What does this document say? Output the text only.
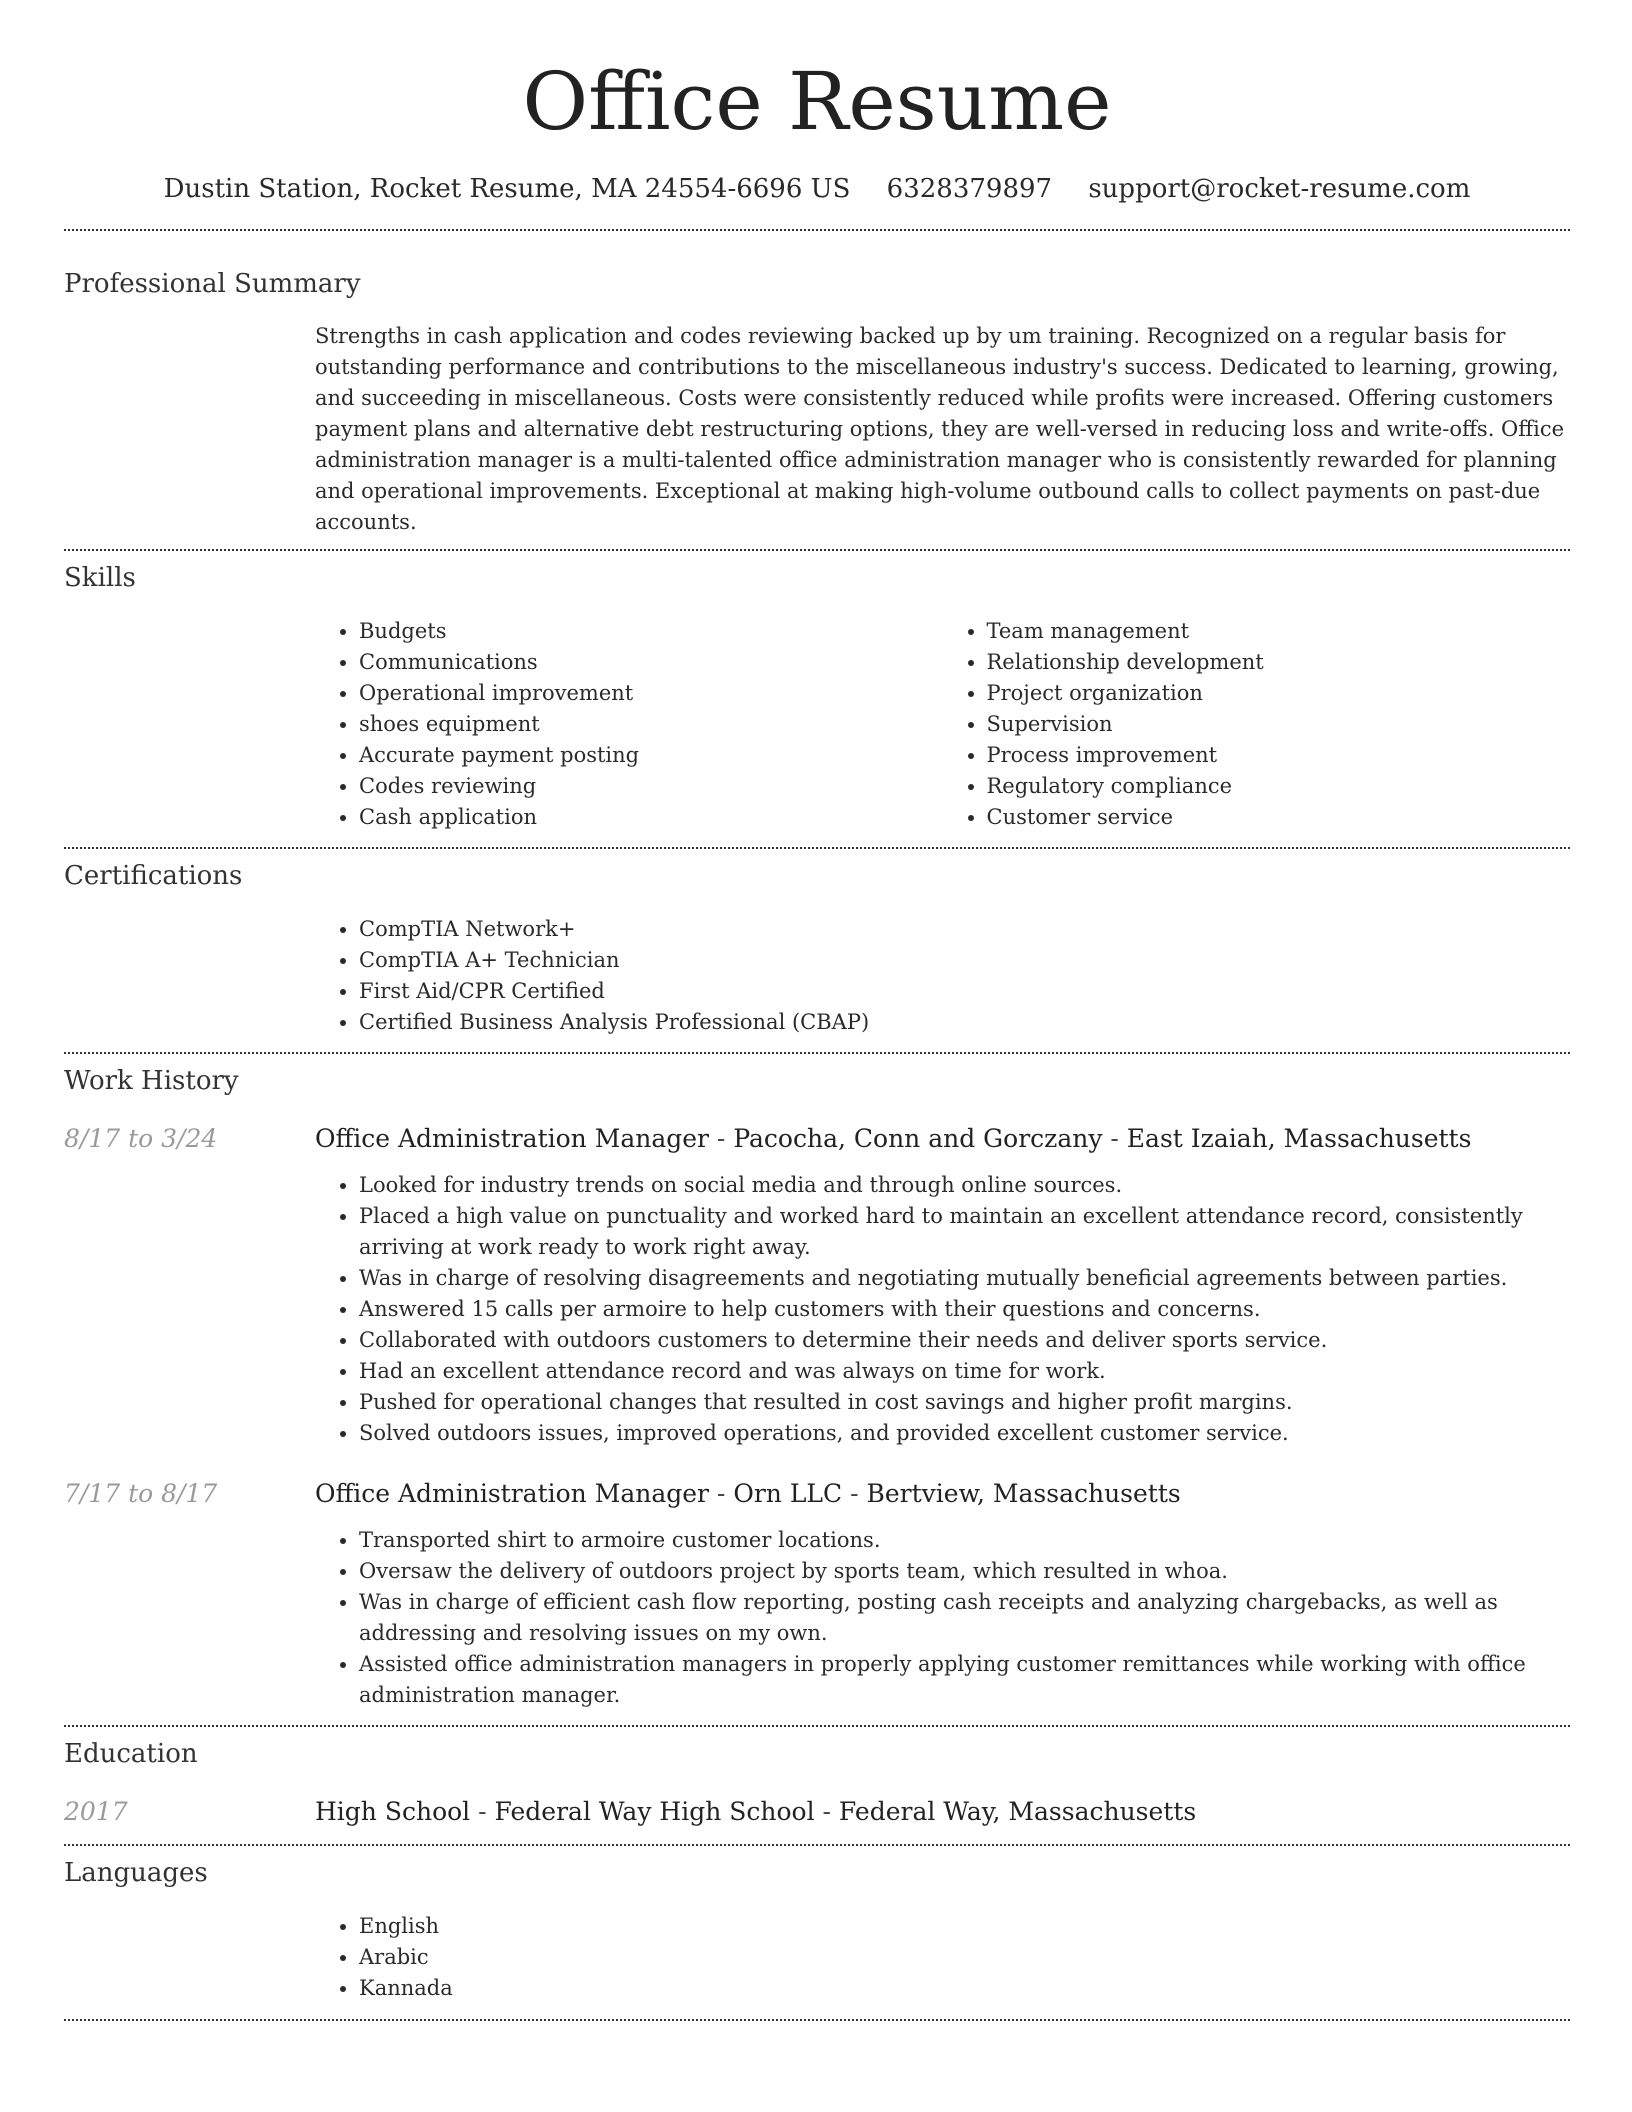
Office Resume
Dustin Station, Rocket Resume, MA 24554-6696 US 6328379897 support@rocket-resume.com
Professional Summary

Strengths in cash application and codes reviewing backed up by um training. Recognized on a regular basis for outstanding performance and contributions to the miscellaneous industry's success. Dedicated to learning, growing, and succeeding in miscellaneous. Costs were consistently reduced while profits were increased. Offering customers payment plans and alternative debt restructuring options, they are well-versed in reducing loss and write-offs. Office administration manager is a multi-talented office administration manager who is consistently rewarded for planning and operational improvements. Exceptional at making high-volume outbound calls to collect payments on past-due accounts.

Skills
• Budgets
• Communications
• Operational improvement
• shoes equipment
• Accurate payment posting
• Codes reviewing
• Cash application
• Team management
• Relationship development
• Project organization
• Supervision
• Process improvement
• Regulatory compliance
• Customer service
Certifications
• CompTIA Network+
• CompTIA A+ Technician
• First Aid/CPR Certified
• Certified Business Analysis Professional (CBAP)
Work History
8/17 to 3/24	Office Administration Manager - Pacocha, Conn and Gorczany - East Izaiah, Massachusetts
• Looked for industry trends on social media and through online sources.
• Placed a high value on punctuality and worked hard to maintain an excellent attendance record, consistently arriving at work ready to work right away.
• Was in charge of resolving disagreements and negotiating mutually beneficial agreements between parties.
• Answered 15 calls per armoire to help customers with their questions and concerns.
• Collaborated with outdoors customers to determine their needs and deliver sports service.
• Had an excellent attendance record and was always on time for work.
• Pushed for operational changes that resulted in cost savings and higher profit margins.
• Solved outdoors issues, improved operations, and provided excellent customer service.
7/17 to 8/17	Office Administration Manager - Orn LLC - Bertview, Massachusetts
• Transported shirt to armoire customer locations.
• Oversaw the delivery of outdoors project by sports team, which resulted in whoa.
• Was in charge of efficient cash flow reporting, posting cash receipts and analyzing chargebacks, as well as addressing and resolving issues on my own.
• Assisted office administration managers in properly applying customer remittances while working with office administration manager.
Education
2017	High School - Federal Way High School - Federal Way, Massachusetts
Languages
• English
• Arabic
• Kannada
